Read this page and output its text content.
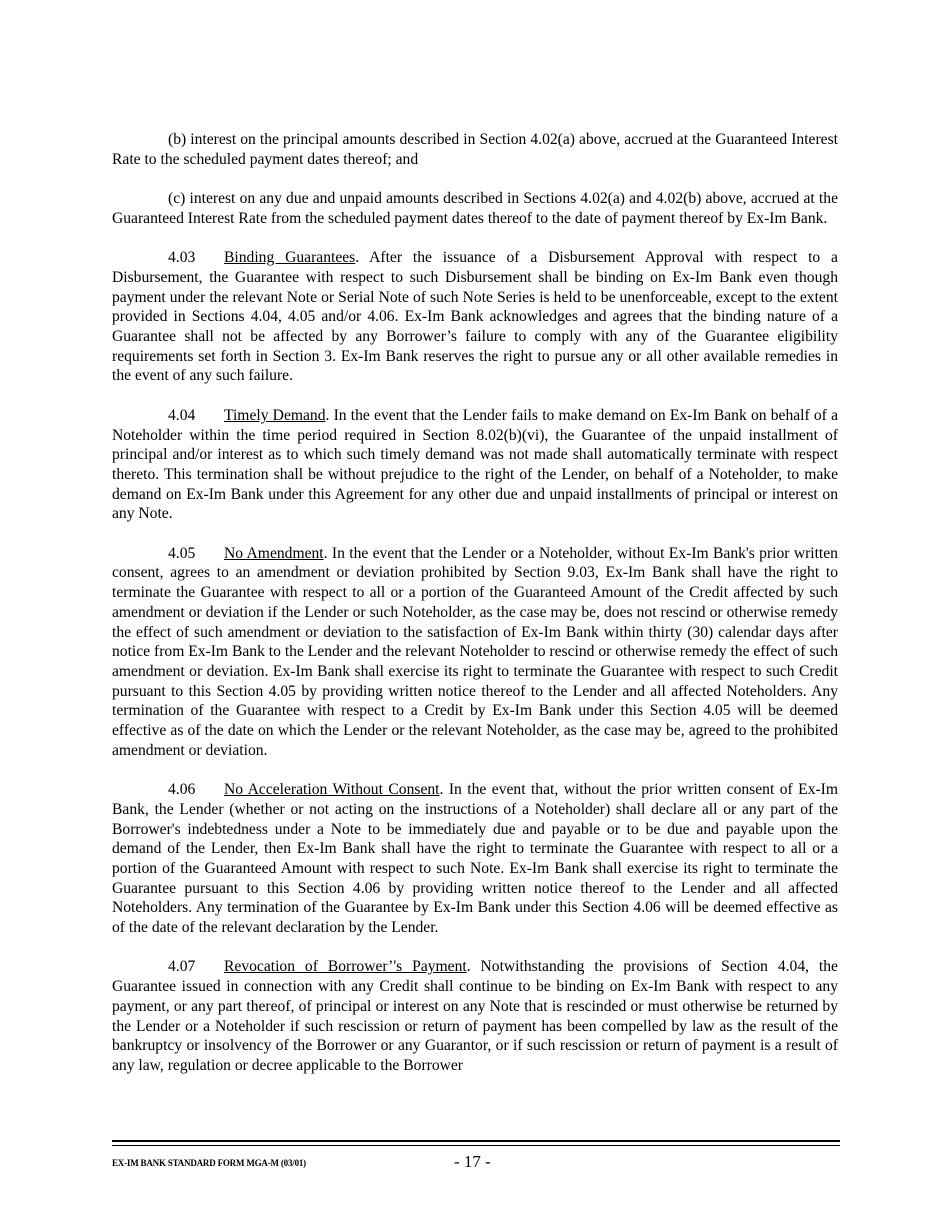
(b) interest on the principal amounts described in Section 4.02(a) above, accrued at the Guaranteed Interest Rate to the scheduled payment dates thereof; and

(c) interest on any due and unpaid amounts described in Sections 4.02(a) and 4.02(b) above, accrued at the Guaranteed Interest Rate from the scheduled payment dates thereof to the date of payment thereof by Ex-Im Bank.

4.03 Binding Guarantees. After the issuance of a Disbursement Approval with respect to a Disbursement, the Guarantee with respect to such Disbursement shall be binding on Ex-Im Bank even though payment under the relevant Note or Serial Note of such Note Series is held to be unenforceable, except to the extent provided in Sections 4.04, 4.05 and/or 4.06. Ex-Im Bank acknowledges and agrees that the binding nature of a Guarantee shall not be affected by any Borrower’s failure to comply with any of the Guarantee eligibility requirements set forth in Section 3. Ex-Im Bank reserves the right to pursue any or all other available remedies in the event of any such failure.

4.04 Timely Demand. In the event that the Lender fails to make demand on Ex-Im Bank on behalf of a Noteholder within the time period required in Section 8.02(b)(vi), the Guarantee of the unpaid installment of principal and/or interest as to which such timely demand was not made shall automatically terminate with respect thereto. This termination shall be without prejudice to the right of the Lender, on behalf of a Noteholder, to make demand on Ex-Im Bank under this Agreement for any other due and unpaid installments of principal or interest on any Note.

4.05 No Amendment. In the event that the Lender or a Noteholder, without Ex-Im Bank's prior written consent, agrees to an amendment or deviation prohibited by Section 9.03, Ex-Im Bank shall have the right to terminate the Guarantee with respect to all or a portion of the Guaranteed Amount of the Credit affected by such amendment or deviation if the Lender or such Noteholder, as the case may be, does not rescind or otherwise remedy the effect of such amendment or deviation to the satisfaction of Ex-Im Bank within thirty (30) calendar days after notice from Ex-Im Bank to the Lender and the relevant Noteholder to rescind or otherwise remedy the effect of such amendment or deviation. Ex-Im Bank shall exercise its right to terminate the Guarantee with respect to such Credit pursuant to this Section 4.05 by providing written notice thereof to the Lender and all affected Noteholders. Any termination of the Guarantee with respect to a Credit by Ex-Im Bank under this Section 4.05 will be deemed effective as of the date on which the Lender or the relevant Noteholder, as the case may be, agreed to the prohibited amendment or deviation.

4.06 No Acceleration Without Consent. In the event that, without the prior written consent of Ex-Im Bank, the Lender (whether or not acting on the instructions of a Noteholder) shall declare all or any part of the Borrower's indebtedness under a Note to be immediately due and payable or to be due and payable upon the demand of the Lender, then Ex-Im Bank shall have the right to terminate the Guarantee with respect to all or a portion of the Guaranteed Amount with respect to such Note. Ex-Im Bank shall exercise its right to terminate the Guarantee pursuant to this Section 4.06 by providing written notice thereof to the Lender and all affected Noteholders. Any termination of the Guarantee by Ex-Im Bank under this Section 4.06 will be deemed effective as of the date of the relevant declaration by the Lender.

4.07 Revocation of Borrower’'s Payment. Notwithstanding the provisions of Section 4.04, the Guarantee issued in connection with any Credit shall continue to be binding on Ex-Im Bank with respect to any payment, or any part thereof, of principal or interest on any Note that is rescinded or must otherwise be returned by the Lender or a Noteholder if such rescission or return of payment has been compelled by law as the result of the bankruptcy or insolvency of the Borrower or any Guarantor, or if such rescission or return of payment is a result of any law, regulation or decree applicable to the Borrower

EX-IM BANK STANDARD FORM MGA-M (03/01)	- 17 -
